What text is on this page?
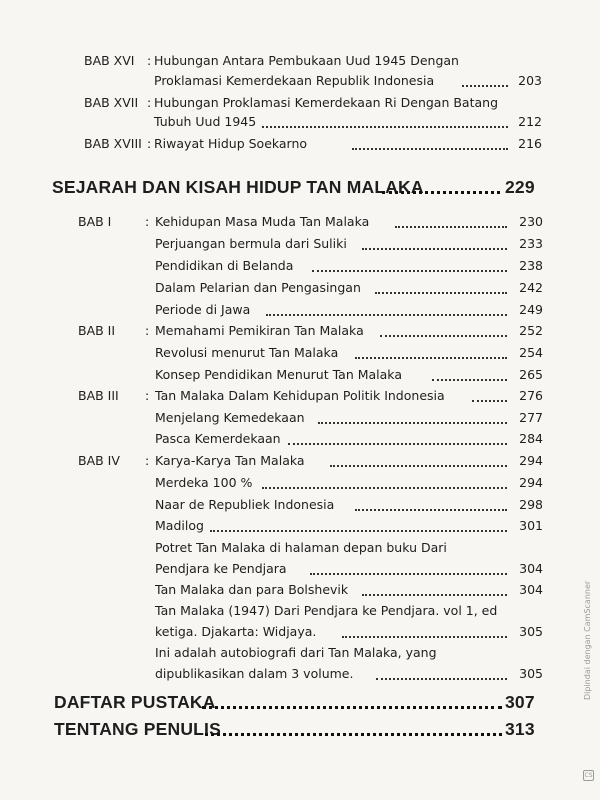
BAB XVI : Hubungan Antara Pembukaan Uud 1945 Dengan
Proklamasi Kemerdekaan Republik Indonesia	203
BAB XVII : Hubungan Proklamasi Kemerdekaan Ri Dengan Batang
Tubuh Uud 1945	212
BAB XVIII : Riwayat Hidup Soekarno	216
SEJARAH DAN KISAH HIDUP TAN MALAKA	229
BAB I	: Kehidupan Masa Muda Tan Malaka	230
Perjuangan bermula dari Suliki	233
Pendidikan di Belanda	238
Dalam Pelarian dan Pengasingan	242
Periode di Jawa	249
BAB II : Memahami Pemikiran Tan Malaka	252
Revolusi menurut Tan Malaka	254
Konsep Pendidikan Menurut Tan Malaka	265
BAB III : Tan Malaka Dalam Kehidupan Politik Indonesia	276
Menjelang Kemedekaan	277
Pasca Kemerdekaan	284
BAB IV : Karya-Karya Tan Malaka	294
Merdeka 100 %	294
Naar de Republiek Indonesia	298
Madilog	301
Potret Tan Malaka di halaman depan buku Dari
Pendjara ke Pendjara	304
Tan Malaka dan para Bolshevik	304
Tan Malaka (1947) Dari Pendjara ke Pendjara. vol 1, ed
ketiga. Djakarta: Widjaya.	305
Ini adalah autobiografi dari Tan Malaka, yang
dipublikasikan dalam 3 volume.	305
DAFTAR PUSTAKA	307
TENTANG PENULIS	313
Dipindai dengan CamScanner
CS
